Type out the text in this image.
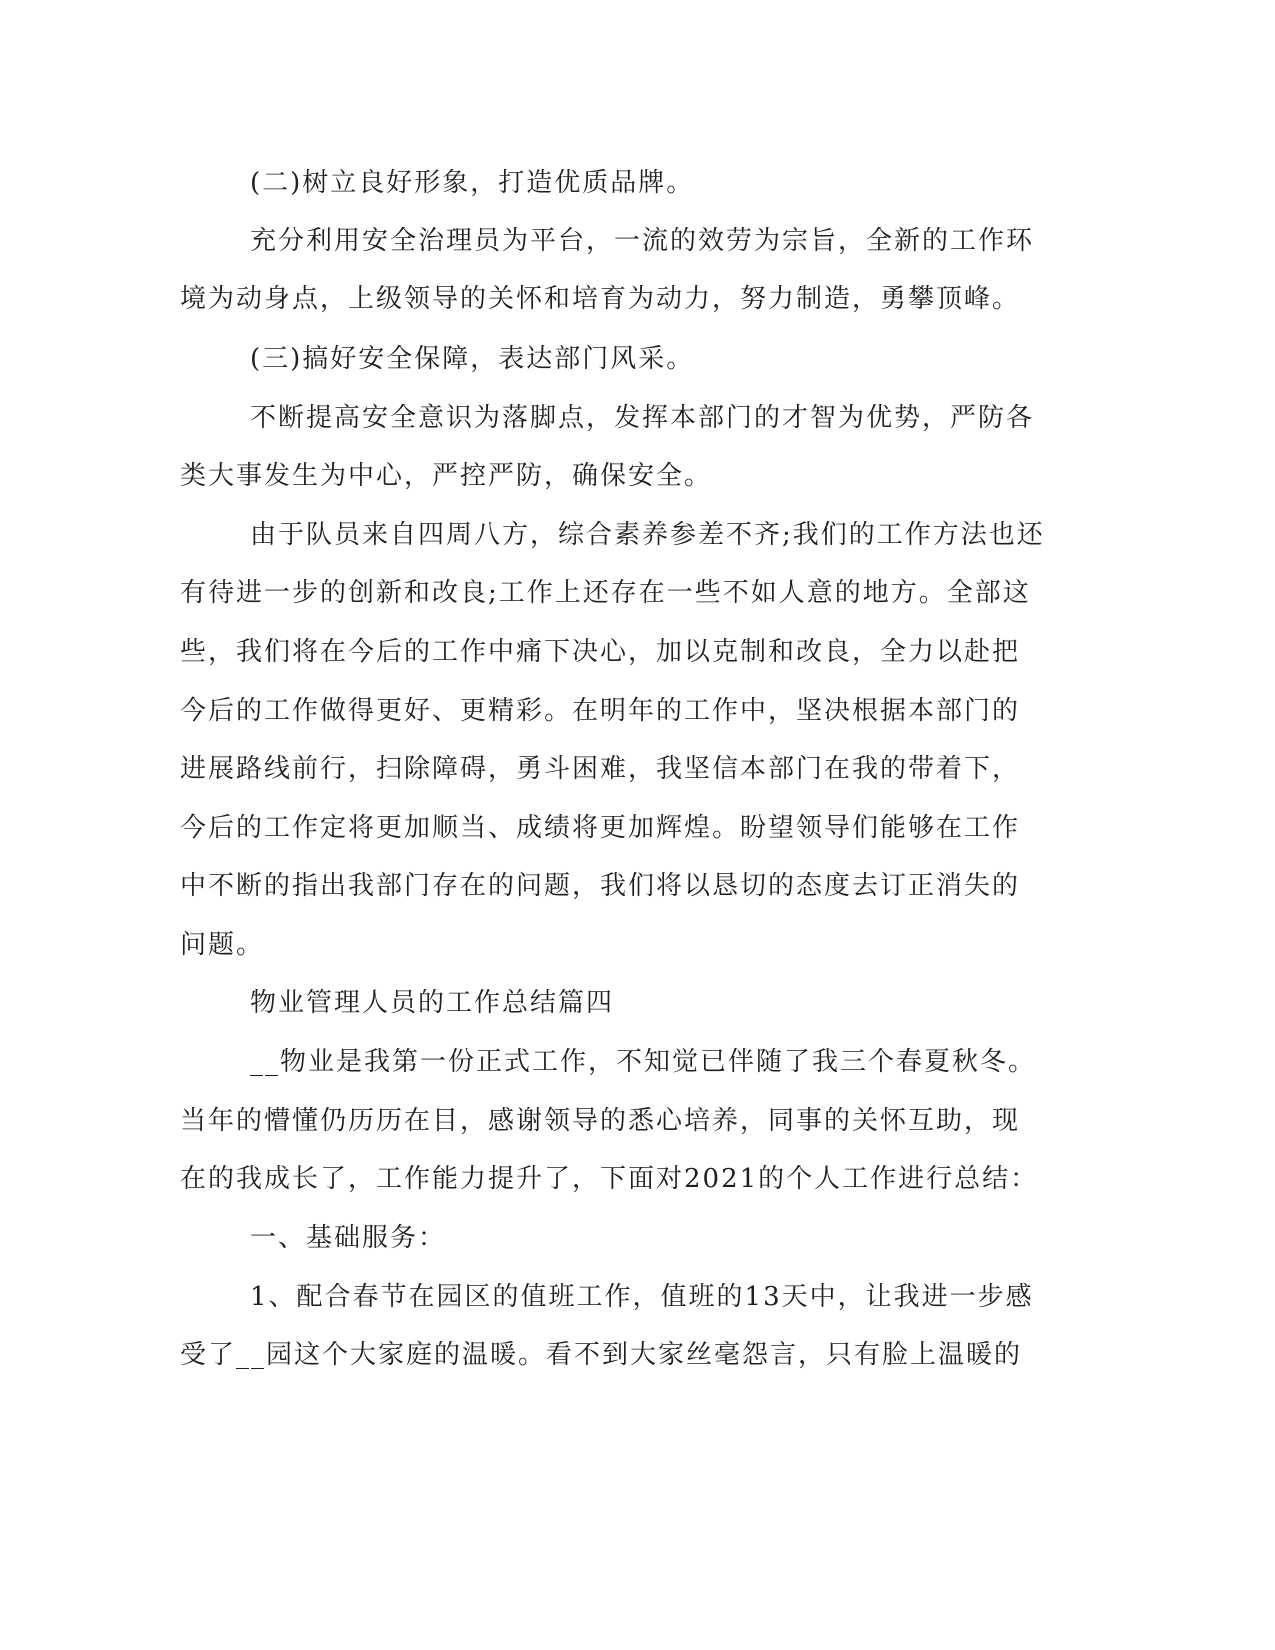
(二)树立良好形象，打造优质品牌。
充分利用安全治理员为平台，一流的效劳为宗旨，全新的工作环
境为动身点，上级领导的关怀和培育为动力，努力制造，勇攀顶峰。
(三)搞好安全保障，表达部门风采。
不断提高安全意识为落脚点，发挥本部门的才智为优势，严防各
类大事发生为中心，严控严防，确保安全。
由于队员来自四周八方，综合素养参差不齐;我们的工作方法也还
有待进一步的创新和改良;工作上还存在一些不如人意的地方。全部这
些，我们将在今后的工作中痛下决心，加以克制和改良，全力以赴把
今后的工作做得更好、更精彩。在明年的工作中，坚决根据本部门的
进展路线前行，扫除障碍，勇斗困难，我坚信本部门在我的带着下，
今后的工作定将更加顺当、成绩将更加辉煌。盼望领导们能够在工作
中不断的指出我部门存在的问题，我们将以恳切的态度去订正消失的
问题。
物业管理人员的工作总结篇四
__物业是我第一份正式工作，不知觉已伴随了我三个春夏秋冬。
当年的懵懂仍历历在目，感谢领导的悉心培养，同事的关怀互助，现
在的我成长了，工作能力提升了，下面对2021的个人工作进行总结：
一、基础服务：
1、配合春节在园区的值班工作，值班的13天中，让我进一步感
受了__园这个大家庭的温暖。看不到大家丝毫怨言，只有脸上温暖的
